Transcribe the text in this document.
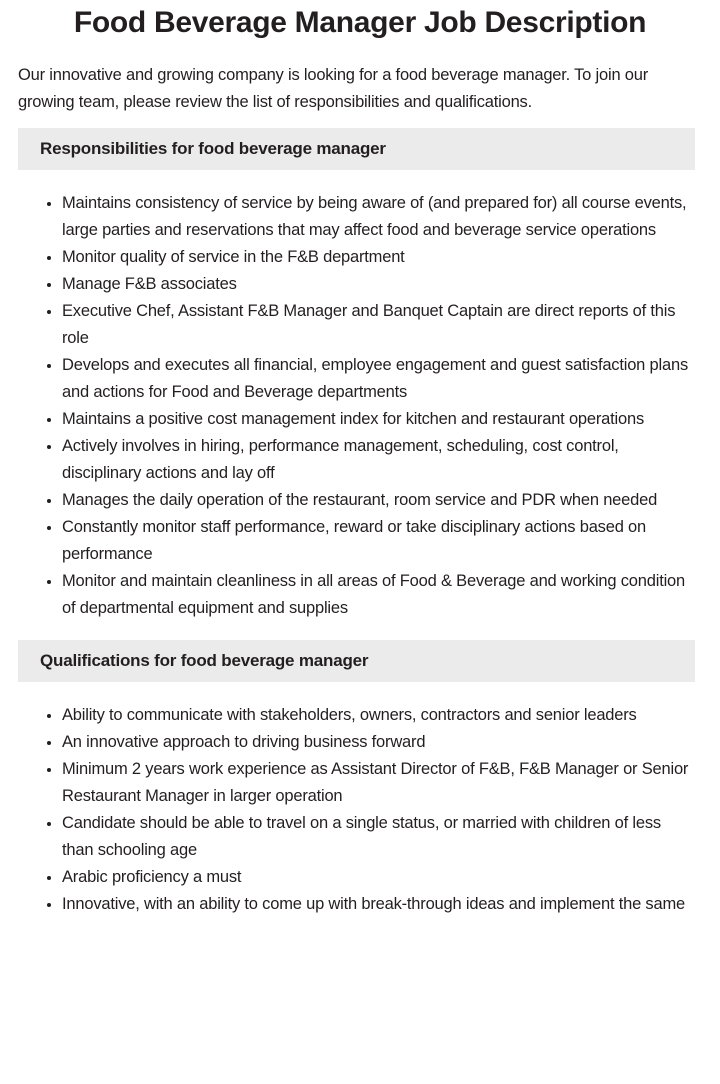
Food Beverage Manager Job Description

Our innovative and growing company is looking for a food beverage manager. To join our growing team, please review the list of responsibilities and qualifications.

Responsibilities for food beverage manager
• Maintains consistency of service by being aware of (and prepared for) all course events, large parties and reservations that may affect food and beverage service operations
• Monitor quality of service in the F&B department
• Manage F&B associates
• Executive Chef, Assistant F&B Manager and Banquet Captain are direct reports of this role
• Develops and executes all financial, employee engagement and guest satisfaction plans and actions for Food and Beverage departments
• Maintains a positive cost management index for kitchen and restaurant operations
• Actively involves in hiring, performance management, scheduling, cost control, disciplinary actions and lay off
• Manages the daily operation of the restaurant, room service and PDR when needed
• Constantly monitor staff performance, reward or take disciplinary actions based on performance
• Monitor and maintain cleanliness in all areas of Food & Beverage and working condition of departmental equipment and supplies
Qualifications for food beverage manager
• Ability to communicate with stakeholders, owners, contractors and senior leaders
• An innovative approach to driving business forward
• Minimum 2 years work experience as Assistant Director of F&B, F&B Manager or Senior Restaurant Manager in larger operation
• Candidate should be able to travel on a single status, or married with children of less than schooling age
• Arabic proficiency a must
• Innovative, with an ability to come up with break-through ideas and implement the same
